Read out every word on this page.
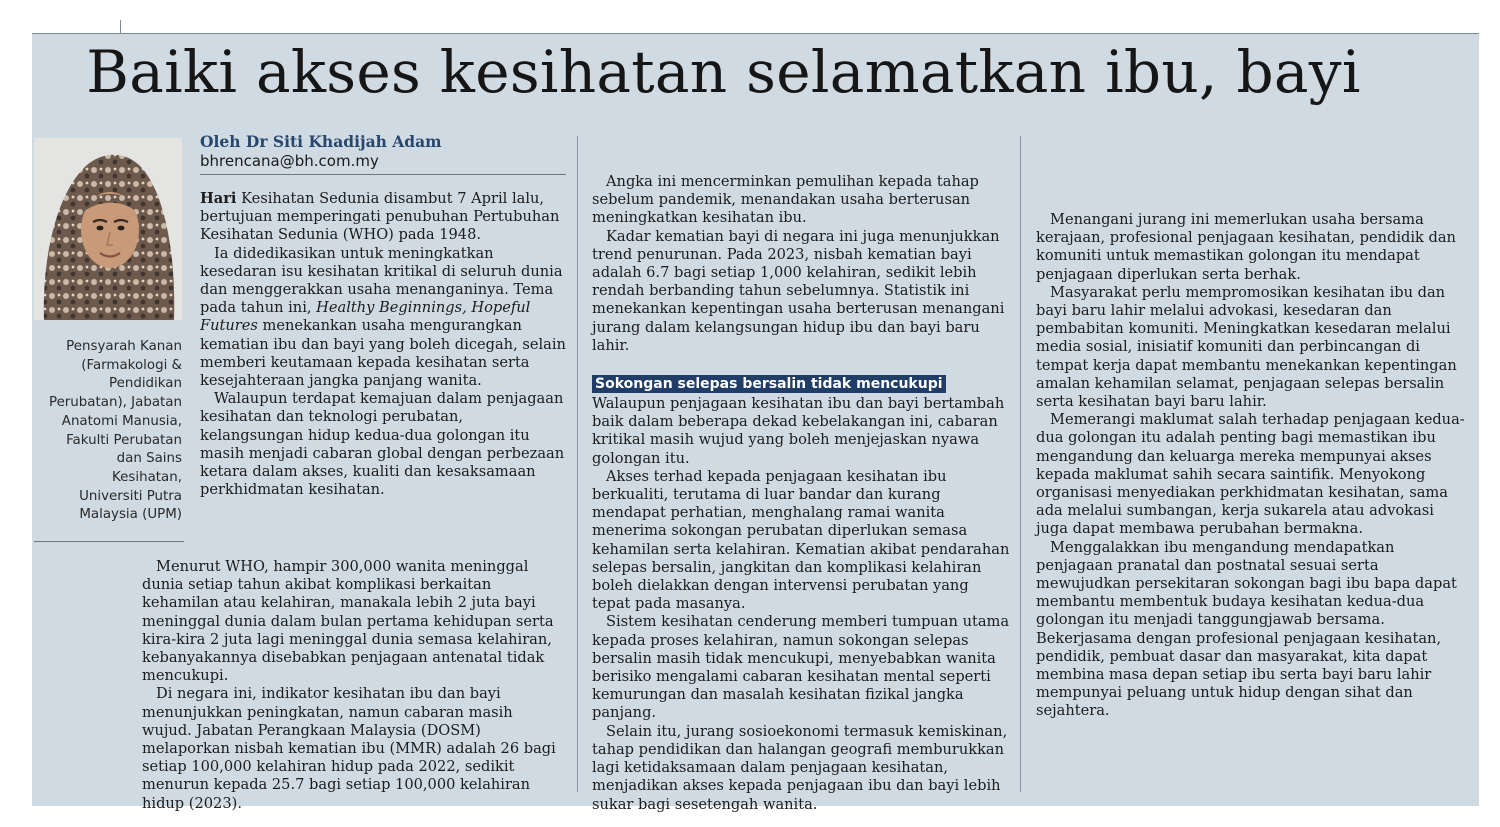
Baiki akses kesihatan selamatkan ibu, bayi
Pensyarah Kanan
(Farmakologi &
Pendidikan
Perubatan), Jabatan
Anatomi Manusia,
Fakulti Perubatan
dan Sains
Kesihatan,
Universiti Putra
Malaysia (UPM)
Oleh Dr Siti Khadijah Adam
bhrencana@bh.com.my

Hari Kesihatan Sedunia disambut 7 April lalu, bertujuan memperingati penubuhan Pertubuhan Kesihatan Sedunia (WHO) pada 1948.

Ia didedikasikan untuk meningkatkan kesedaran isu kesihatan kritikal di seluruh dunia dan menggerakkan usaha menanganinya. Tema pada tahun ini, Healthy Beginnings, Hopeful Futures menekankan usaha mengurangkan kematian ibu dan bayi yang boleh dicegah, selain memberi keutamaan kepada kesihatan serta kesejahteraan jangka panjang wanita.

Walaupun terdapat kemajuan dalam penjagaan kesihatan dan teknologi perubatan, kelangsungan hidup kedua-dua golongan itu masih menjadi cabaran global dengan perbezaan ketara dalam akses, kualiti dan kesaksamaan perkhidmatan kesihatan.

Menurut WHO, hampir 300,000 wanita meninggal dunia setiap tahun akibat komplikasi berkaitan kehamilan atau kelahiran, manakala lebih 2 juta bayi meninggal dunia dalam bulan pertama kehidupan serta kira-kira 2 juta lagi meninggal dunia semasa kelahiran, kebanyakannya disebabkan penjagaan antenatal tidak mencukupi.

Di negara ini, indikator kesihatan ibu dan bayi menunjukkan peningkatan, namun cabaran masih wujud. Jabatan Perangkaan Malaysia (DOSM) melaporkan nisbah kematian ibu (MMR) adalah 26 bagi setiap 100,000 kelahiran hidup pada 2022, sedikit menurun kepada 25.7 bagi setiap 100,000 kelahiran hidup (2023).

Angka ini mencerminkan pemulihan kepada tahap sebelum pandemik, menandakan usaha berterusan meningkatkan kesihatan ibu.

Kadar kematian bayi di negara ini juga menunjukkan trend penurunan. Pada 2023, nisbah kematian bayi adalah 6.7 bagi setiap 1,000 kelahiran, sedikit lebih rendah berbanding tahun sebelumnya. Statistik ini menekankan kepentingan usaha berterusan menangani jurang dalam kelangsungan hidup ibu dan bayi baru lahir.

Sokongan selepas bersalin tidak mencukupi

Walaupun penjagaan kesihatan ibu dan bayi bertambah baik dalam beberapa dekad kebelakangan ini, cabaran kritikal masih wujud yang boleh menjejaskan nyawa golongan itu.

Akses terhad kepada penjagaan kesihatan ibu berkualiti, terutama di luar bandar dan kurang mendapat perhatian, menghalang ramai wanita menerima sokongan perubatan diperlukan semasa kehamilan serta kelahiran. Kematian akibat pendarahan selepas bersalin, jangkitan dan komplikasi kelahiran boleh dielakkan dengan intervensi perubatan yang tepat pada masanya.

Sistem kesihatan cenderung memberi tumpuan utama kepada proses kelahiran, namun sokongan selepas bersalin masih tidak mencukupi, menyebabkan wanita berisiko mengalami cabaran kesihatan mental seperti kemurungan dan masalah kesihatan fizikal jangka panjang.

Selain itu, jurang sosioekonomi termasuk kemiskinan, tahap pendidikan dan halangan geografi memburukkan lagi ketidaksamaan dalam penjagaan kesihatan, menjadikan akses kepada penjagaan ibu dan bayi lebih sukar bagi sesetengah wanita.

Menangani jurang ini memerlukan usaha bersama kerajaan, profesional penjagaan kesihatan, pendidik dan komuniti untuk memastikan golongan itu mendapat penjagaan diperlukan serta berhak.

Masyarakat perlu mempromosikan kesihatan ibu dan bayi baru lahir melalui advokasi, kesedaran dan pembabitan komuniti. Meningkatkan kesedaran melalui media sosial, inisiatif komuniti dan perbincangan di tempat kerja dapat membantu menekankan kepentingan amalan kehamilan selamat, penjagaan selepas bersalin serta kesihatan bayi baru lahir.

Memerangi maklumat salah terhadap penjagaan kedua-dua golongan itu adalah penting bagi memastikan ibu mengandung dan keluarga mereka mempunyai akses kepada maklumat sahih secara saintifik. Menyokong organisasi menyediakan perkhidmatan kesihatan, sama ada melalui sumbangan, kerja sukarela atau advokasi juga dapat membawa perubahan bermakna.

Menggalakkan ibu mengandung mendapatkan penjagaan pranatal dan postnatal sesuai serta mewujudkan persekitaran sokongan bagi ibu bapa dapat membantu membentuk budaya kesihatan kedua-dua golongan itu menjadi tanggungjawab bersama. Bekerjasama dengan profesional penjagaan kesihatan, pendidik, pembuat dasar dan masyarakat, kita dapat membina masa depan setiap ibu serta bayi baru lahir mempunyai peluang untuk hidup dengan sihat dan sejahtera.
